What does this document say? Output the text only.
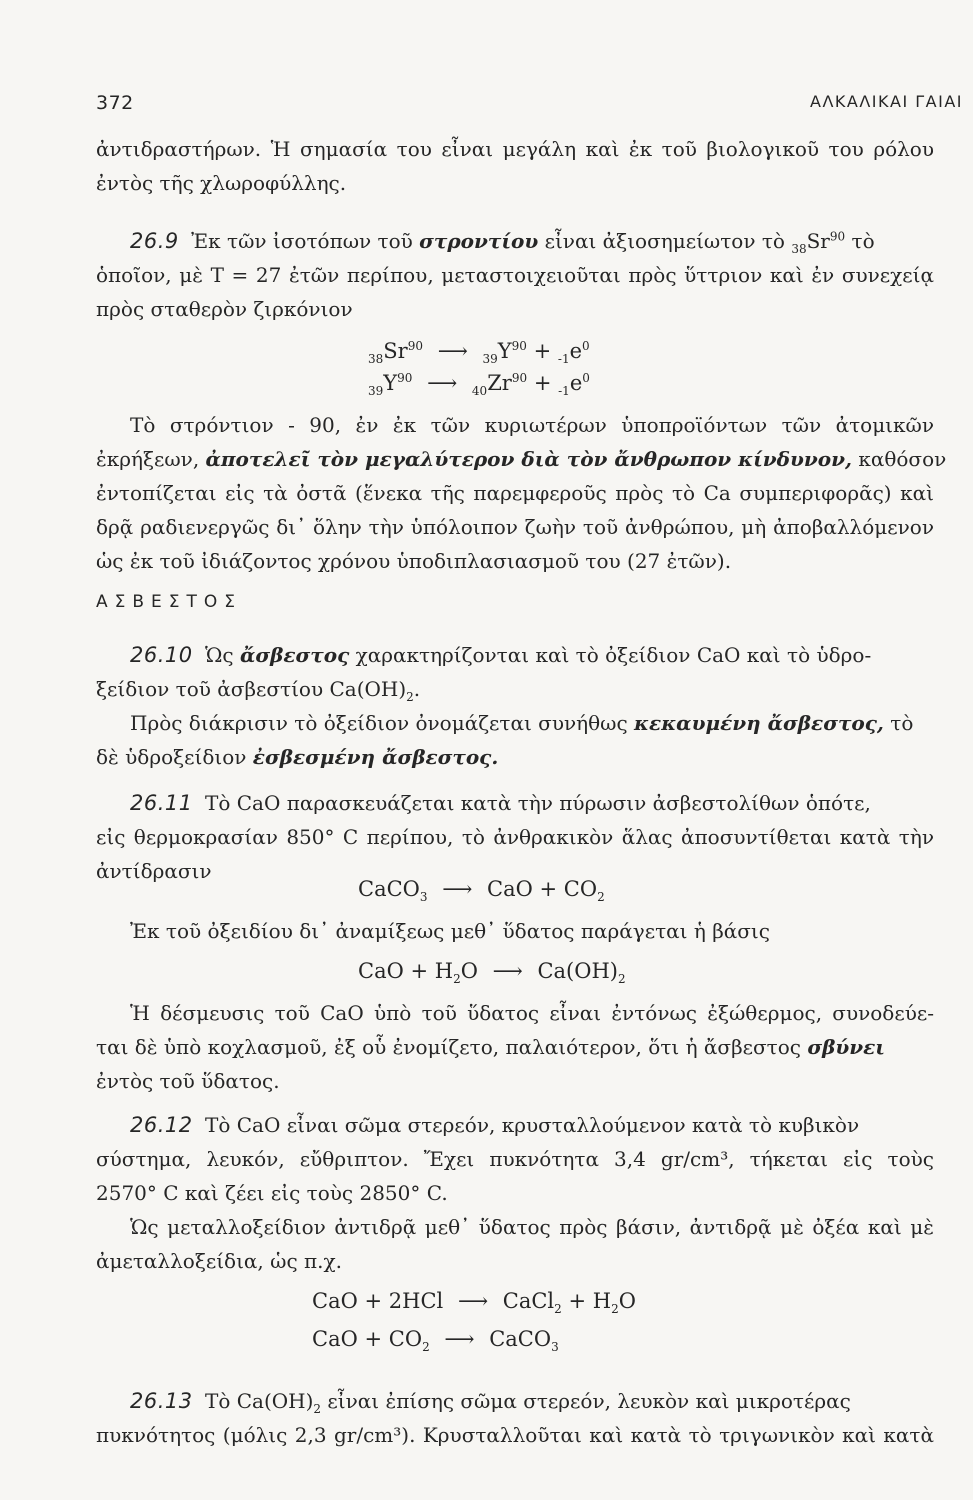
372	ΑΛΚΑΛΙΚΑΙ ΓΑΙΑΙ
ἀντιδραστήρων. Ἡ σημασία του εἶναι μεγάλη καὶ ἐκ τοῦ βιολογικοῦ του ρόλου
ἐντὸς τῆς χλωροφύλλης.
26.9 Ἐκ τῶν ἰσοτόπων τοῦ στροντίου εἶναι ἀξιοσημείωτον τὸ $_{38}Sr^{90}$ τὸ
ὁποῖον, μὲ Τ = 27 ἐτῶν περίπου, μεταστοιχειοῦται πρὸς ὕττριον καὶ ἐν συνεχείᾳ
πρὸς σταθερὸν ζιρκόνιον
$_{38}Sr^{90}$ ⟶ $_{39}Y^{90} + _{-1}e^0$
$_{39}Y^{90}$ ⟶ $_{40}Zr^{90} + _{-1}e^0$
Τὸ στρόντιον - 90, ἐν ἐκ τῶν κυριωτέρων ὑποπροϊόντων τῶν ἀτομικῶν
ἐκρήξεων, ἀποτελεῖ τὸν μεγαλύτερον διὰ τὸν ἄνθρωπον κίνδυνον, καθόσον
ἐντοπίζεται εἰς τὰ ὀστᾶ (ἕνεκα τῆς παρεμφεροῦς πρὸς τὸ Ca συμπεριφορᾶς) καὶ
δρᾷ ραδιενεργῶς δι᾿ ὅλην τὴν ὑπόλοιπον ζωὴν τοῦ ἀνθρώπου, μὴ ἀποβαλλόμενον
ὡς ἐκ τοῦ ἰδιάζοντος χρόνου ὑποδιπλασιασμοῦ του (27 ἐτῶν).
ΑΣΒΕΣΤΟΣ
26.10 Ὡς ἄσβεστος χαρακτηρίζονται καὶ τὸ ὀξείδιον CaO καὶ τὸ ὑδρο-
ξείδιον τοῦ ἀσβεστίου $Ca(OH)_2$.
Πρὸς διάκρισιν τὸ ὀξείδιον ὀνομάζεται συνήθως κεκαυμένη ἄσβεστος, τὸ
δὲ ὑδροξείδιον ἐσβεσμένη ἄσβεστος.
26.11 Τὸ CaO παρασκευάζεται κατὰ τὴν πύρωσιν ἀσβεστολίθων ὁπότε,
εἰς θερμοκρασίαν 850° C περίπου, τὸ ἀνθρακικὸν ἅλας ἀποσυντίθεται κατὰ τὴν
ἀντίδρασιν
CaCO$_3$ ⟶ CaO + $CO_2$
Ἐκ τοῦ ὀξειδίου δι᾿ ἀναμίξεως μεθ᾿ ὕδατος παράγεται ἡ βάσις
CaO + $H_2O$ ⟶ $Ca(OH)_2$
Ἡ δέσμευσις τοῦ CaO ὑπὸ τοῦ ὕδατος εἶναι ἐντόνως ἐξώθερμος, συνοδεύε-
ται δὲ ὑπὸ κοχλασμοῦ, ἐξ οὗ ἐνομίζετο, παλαιότερον, ὅτι ἡ ἄσβεστος σβύνει
ἐντὸς τοῦ ὕδατος.
26.12 Τὸ CaO εἶναι σῶμα στερεόν, κρυσταλλούμενον κατὰ τὸ κυβικὸν
σύστημα, λευκόν, εὔθριπτον. Ἔχει πυκνότητα 3,4 gr/cm³, τήκεται εἰς τοὺς
2570° C καὶ ζέει εἰς τοὺς 2850° C.
Ὡς μεταλλοξείδιον ἀντιδρᾷ μεθ᾿ ὕδατος πρὸς βάσιν, ἀντιδρᾷ μὲ ὀξέα καὶ μὲ
ἀμεταλλοξείδια, ὡς π.χ.
CaO + 2HCl ⟶ CaCl$_2$ + $H_2O$
CaO + $CO_2$ ⟶ CaCO$_3$
26.13 Τὸ $Ca(OH)_2$ εἶναι ἐπίσης σῶμα στερεόν, λευκὸν καὶ μικροτέρας
πυκνότητος (μόλις 2,3 gr/cm³). Κρυσταλλοῦται καὶ κατὰ τὸ τριγωνικὸν καὶ κατὰ
